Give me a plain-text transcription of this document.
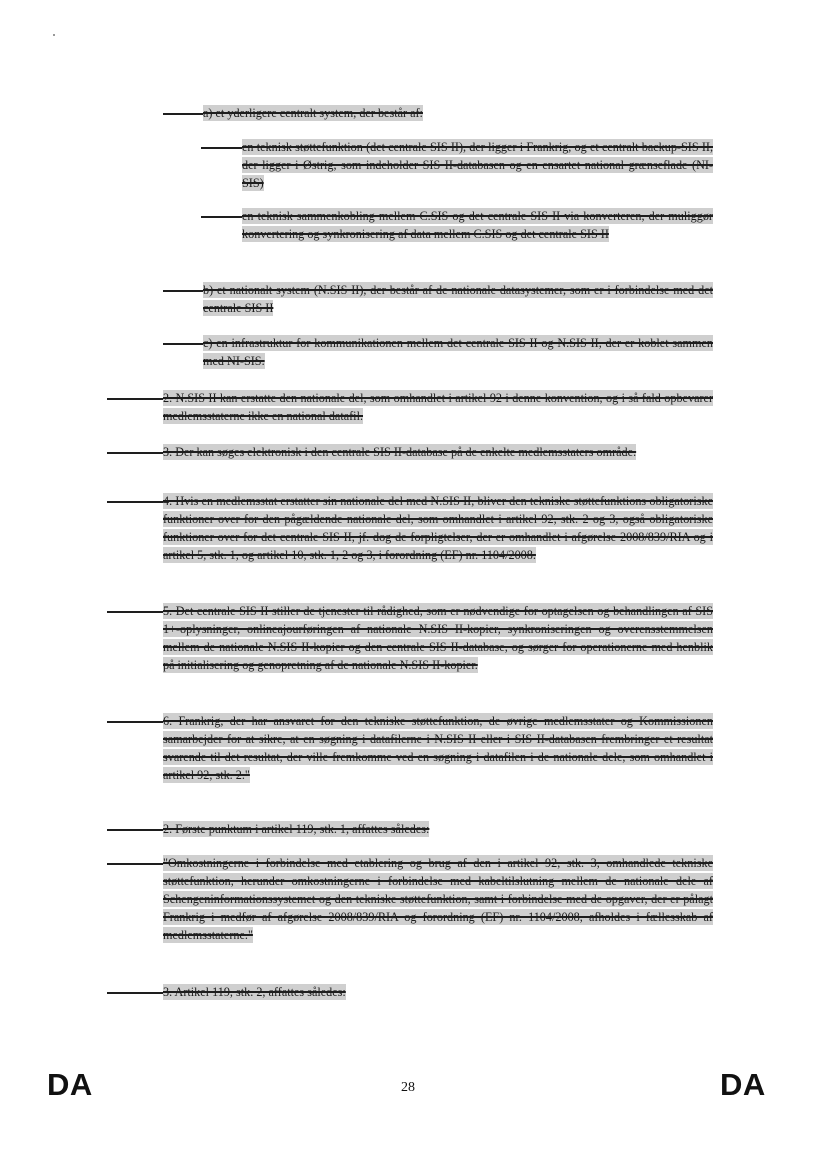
a) et yderligere centralt system, der består af:
en teknisk støttefunktion (det centrale SIS II), der ligger i Frankrig, og et centralt backup-SIS II, der ligger i Østrig, som indeholder SIS II-databasen og en ensartet national grænseflade (NI-SIS)
en teknisk sammenkobling mellem C.SIS og det centrale SIS II via konverteren, der muliggør konvertering og synkronisering af data mellem C.SIS og det centrale SIS II
b) et nationalt system (N.SIS II), der består af de nationale datasystemer, som er i forbindelse med det centrale SIS II
c) en infrastruktur for kommunikationen mellem det centrale SIS II og N.SIS II, der er koblet sammen med NI-SIS.
2. N.SIS II kan erstatte den nationale del, som omhandlet i artikel 92 i denne konvention, og i så fald opbevarer medlemsstaterne ikke en national datafil.
3. Der kan søges elektronisk i den centrale SIS II-database på de enkelte medlemsstaters område.
4. Hvis en medlemsstat erstatter sin nationale del med N.SIS II, bliver den tekniske støttefunktions obligatoriske funktioner over for den pågældende nationale del, som omhandlet i artikel 92, stk. 2 og 3, også obligatoriske funktioner over for det centrale SIS II, jf. dog de forpligtelser, der er omhandlet i afgørelse 2008/839/RIA og i artikel 5, stk. 1, og artikel 10, stk. 1, 2 og 3, i forordning (EF) nr. 1104/2008.
5. Det centrale SIS II stiller de tjenester til rådighed, som er nødvendige for optagelsen og behandlingen af SIS 1+-oplysninger, onlineajourføringen af nationale N.SIS II-kopier, synkroniseringen og overensstemmelsen mellem de nationale N.SIS II-kopier og den centrale SIS II-database, og sørger for operationerne med henblik på initialisering og genopretning af de nationale N.SIS II-kopier.
6. Frankrig, der har ansvaret for den tekniske støttefunktion, de øvrige medlemsstater og Kommissionen samarbejder for at sikre, at en søgning i datafilerne i N.SIS II eller i SIS II-databasen frembringer et resultat svarende til det resultat, der ville fremkomme ved en søgning i datafilen i de nationale dele, som omhandlet i artikel 92, stk. 2."
2. Første punktum i artikel 119, stk. 1, affattes således:
"Omkostningerne i forbindelse med etablering og brug af den i artikel 92, stk. 3, omhandlede tekniske støttefunktion, herunder omkostningerne i forbindelse med kabeltilslutning mellem de nationale dele af Schengeninformationssystemet og den tekniske støttefunktion, samt i forbindelse med de opgaver, der er pålagt Frankrig i medfør af afgørelse 2008/839/RIA og forordning (EF) nr. 1104/2008, afholdes i fællesskab af medlemsstaterne."
3. Artikel 119, stk. 2, affattes således:
DA	28	DA
